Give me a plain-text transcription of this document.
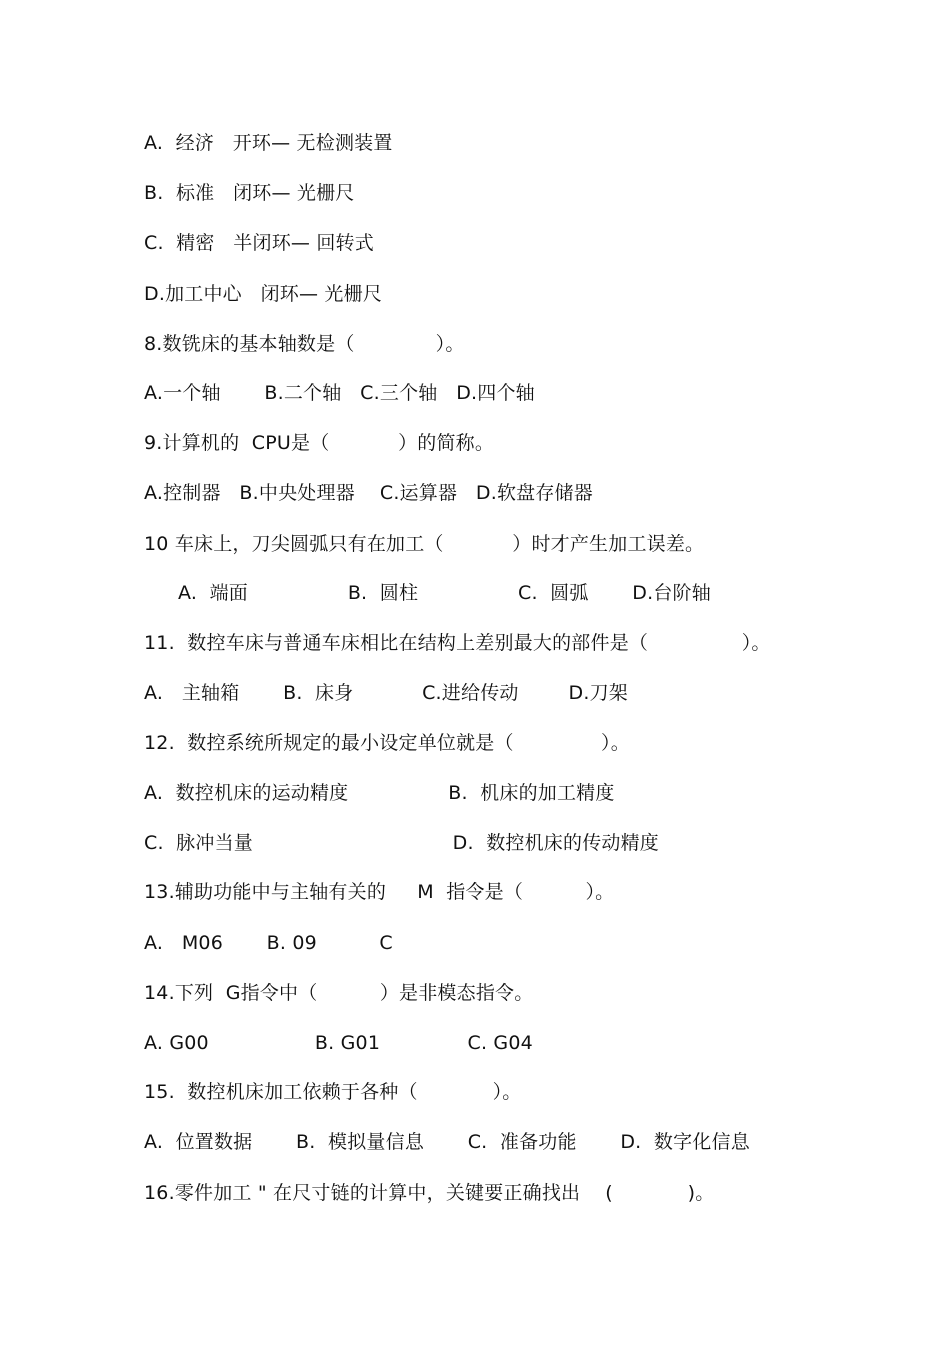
A.  经济   开环— 无检测装置
B.  标准   闭环— 光栅尺
C.  精密   半闭环— 回转式
D.加工中心   闭环— 光栅尺
8.数铣床的基本轴数是（             ）。
A.一个轴       B.二个轴   C.三个轴   D.四个轴
9.计算机的  CPU是（           ）的简称。
A.控制器   B.中央处理器    C.运算器   D.软盘存储器
10 车床上，刀尖圆弧只有在加工（           ）时才产生加工误差。
A.  端面                B.  圆柱                C.  圆弧       D.台阶轴
11.  数控车床与普通车床相比在结构上差别最大的部件是（               ）。
A.   主轴箱       B.  床身           C.进给传动        D.刀架
12.  数控系统所规定的最小设定单位就是（              ）。
A.  数控机床的运动精度                B.  机床的加工精度
C.  脉冲当量                                D.  数控机床的传动精度
13.辅助功能中与主轴有关的     M  指令是（          ）。
A.   M06       B. 09          C
14.下列  G指令中（          ）是非模态指令。
A. G00                 B. G01              C. G04
15.  数控机床加工依赖于各种（            ）。
A.  位置数据       B.  模拟量信息       C.  准备功能       D.  数字化信息
16.零件加工 " 在尺寸链的计算中，关键要正确找出    (            )。
